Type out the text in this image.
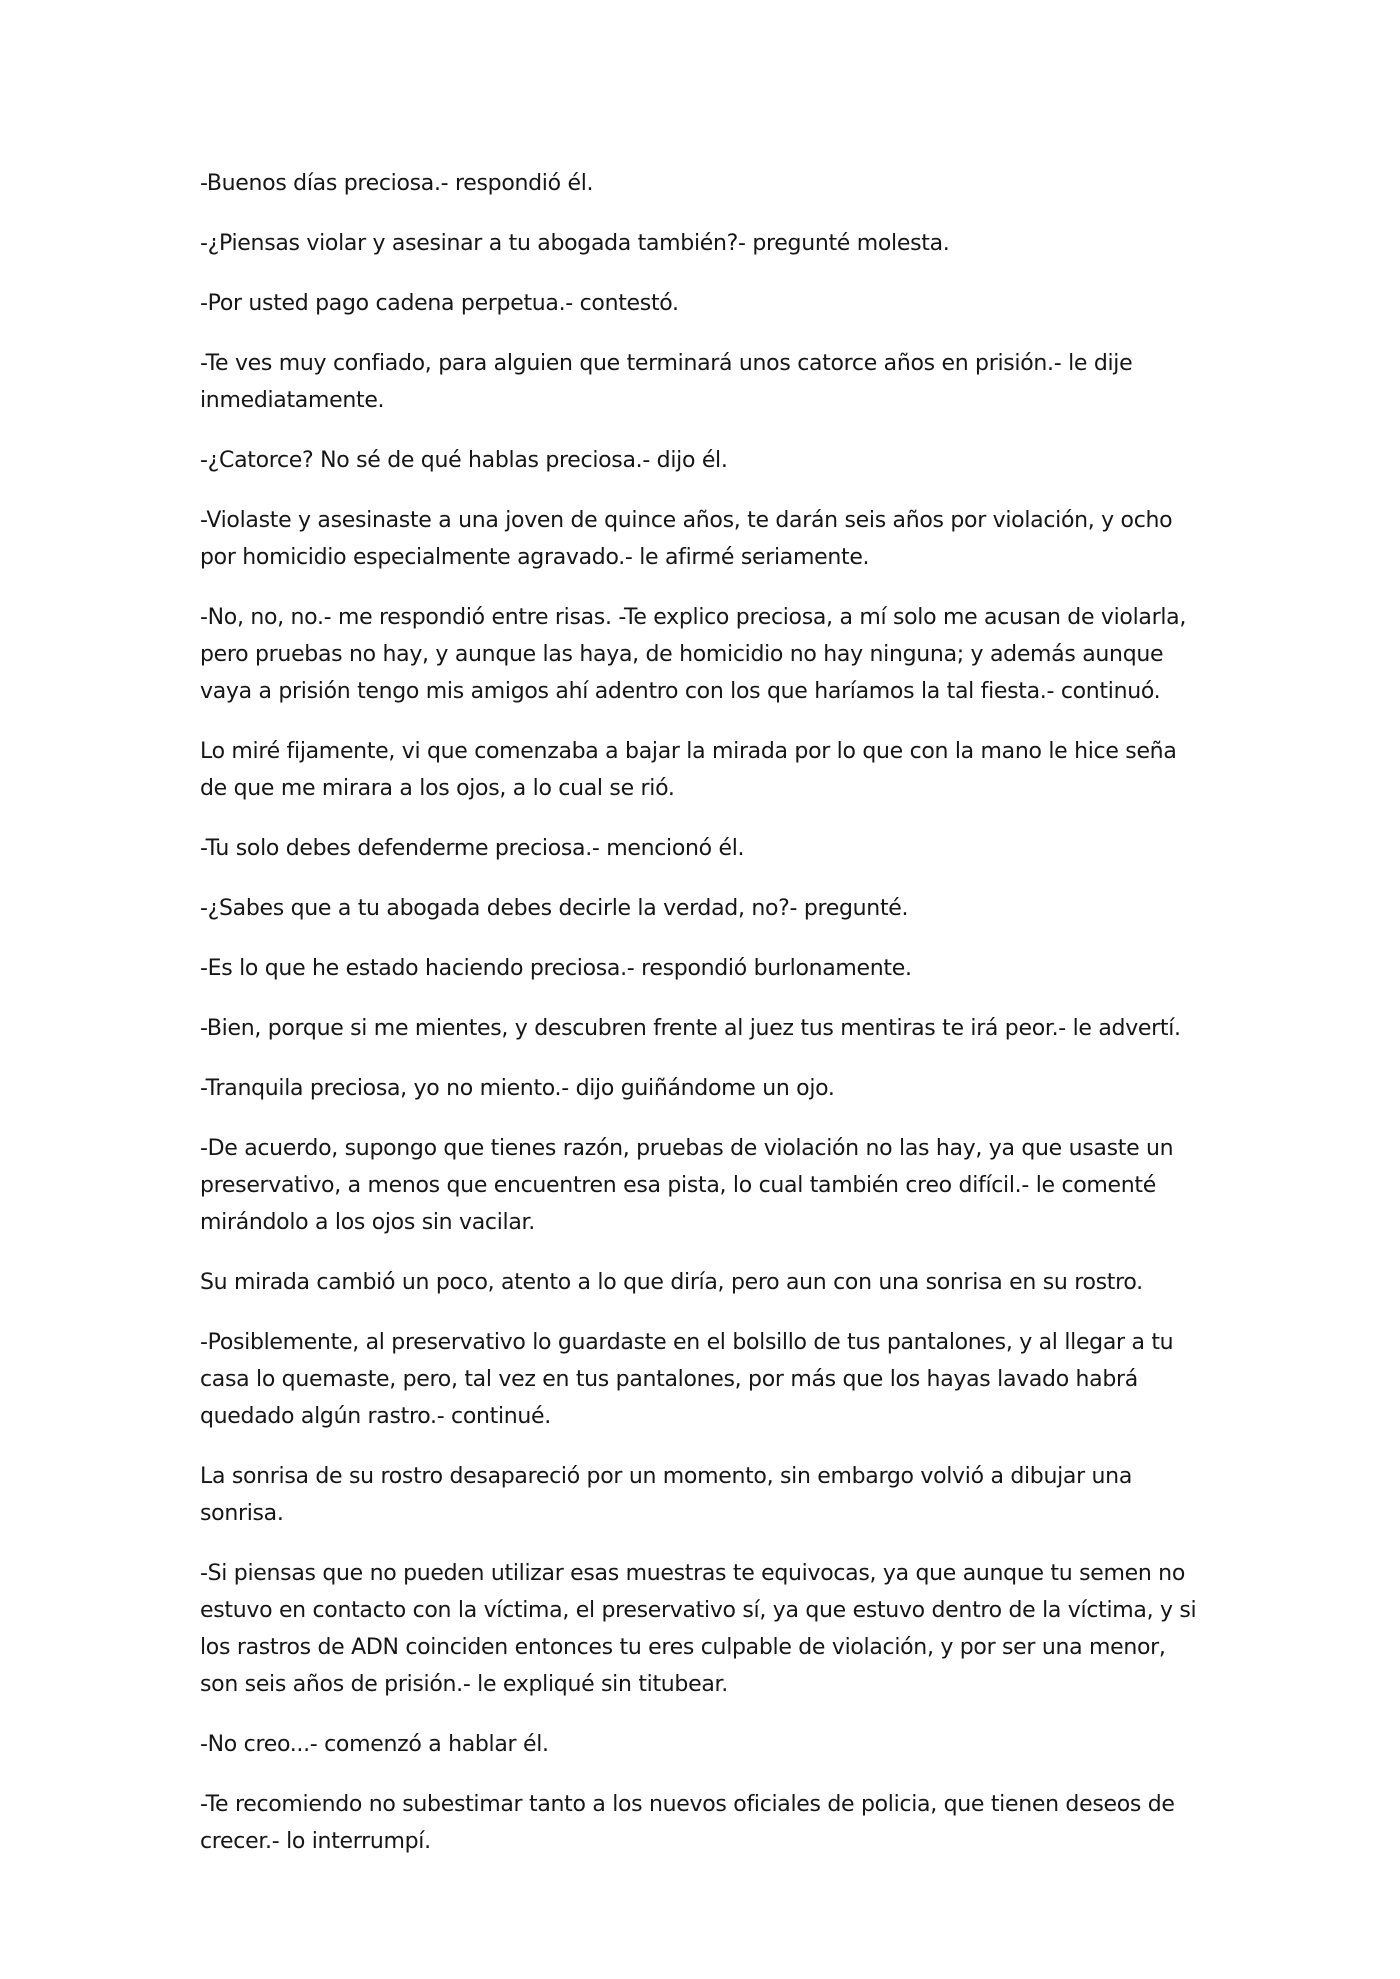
-Buenos días preciosa.- respondió él.

-¿Piensas violar y asesinar a tu abogada también?- pregunté molesta.

-Por usted pago cadena perpetua.- contestó.

-Te ves muy confiado, para alguien que terminará unos catorce años en prisión.- le dije inmediatamente.

-¿Catorce? No sé de qué hablas preciosa.- dijo él.

-Violaste y asesinaste a una joven de quince años, te darán seis años por violación, y ocho por homicidio especialmente agravado.- le afirmé seriamente.

-No, no, no.- me respondió entre risas. -Te explico preciosa, a mí solo me acusan de violarla, pero pruebas no hay, y aunque las haya, de homicidio no hay ninguna; y además aunque vaya a prisión tengo mis amigos ahí adentro con los que haríamos la tal fiesta.- continuó.

Lo miré fijamente, vi que comenzaba a bajar la mirada por lo que con la mano le hice seña de que me mirara a los ojos, a lo cual se rió.

-Tu solo debes defenderme preciosa.- mencionó él.

-¿Sabes que a tu abogada debes decirle la verdad, no?- pregunté.

-Es lo que he estado haciendo preciosa.- respondió burlonamente.

-Bien, porque si me mientes, y descubren frente al juez tus mentiras te irá peor.- le advertí.

-Tranquila preciosa, yo no miento.- dijo guiñándome un ojo.

-De acuerdo, supongo que tienes razón, pruebas de violación no las hay, ya que usaste un preservativo, a menos que encuentren esa pista, lo cual también creo difícil.- le comenté mirándolo a los ojos sin vacilar.

Su mirada cambió un poco, atento a lo que diría, pero aun con una sonrisa en su rostro.

-Posiblemente, al preservativo lo guardaste en el bolsillo de tus pantalones, y al llegar a tu casa lo quemaste, pero, tal vez en tus pantalones, por más que los hayas lavado habrá quedado algún rastro.- continué.

La sonrisa de su rostro desapareció por un momento, sin embargo volvió a dibujar una sonrisa.

-Si piensas que no pueden utilizar esas muestras te equivocas, ya que aunque tu semen no estuvo en contacto con la víctima, el preservativo sí, ya que estuvo dentro de la víctima, y si los rastros de ADN coinciden entonces tu eres culpable de violación, y por ser una menor, son seis años de prisión.- le expliqué sin titubear.

-No creo...- comenzó a hablar él.

-Te recomiendo no subestimar tanto a los nuevos oficiales de policia, que tienen deseos de crecer.- lo interrumpí.
